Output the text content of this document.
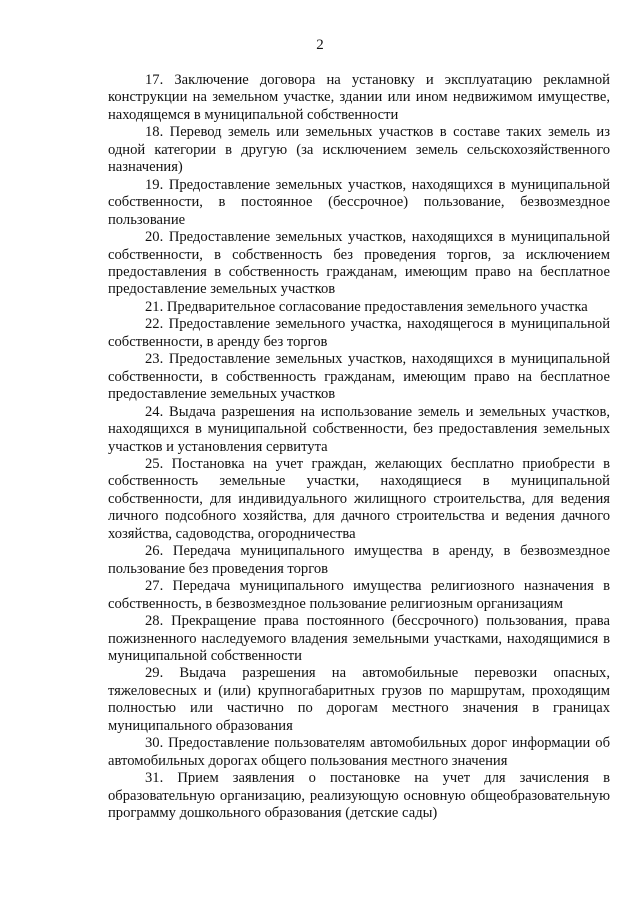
2

17. Заключение договора на установку и эксплуатацию рекламной конструкции на земельном участке, здании или ином недвижимом имуществе, находящемся в муниципальной собственности

18. Перевод земель или земельных участков в составе таких земель из одной категории в другую (за исключением земель сельскохозяйственного назначения)

19. Предоставление земельных участков, находящихся в муниципальной собственности, в постоянное (бессрочное) пользование, безвозмездное пользование

20. Предоставление земельных участков, находящихся в муниципальной собственности, в собственность без проведения торгов, за исключением предоставления в собственность гражданам, имеющим право на бесплатное предоставление земельных участков

21. Предварительное согласование предоставления земельного участка

22. Предоставление земельного участка, находящегося в муниципальной собственности, в аренду без торгов

23. Предоставление земельных участков, находящихся в муниципальной собственности, в собственность гражданам, имеющим право на бесплатное предоставление земельных участков

24. Выдача разрешения на использование земель и земельных участков, находящихся в муниципальной собственности, без предоставления земельных участков и установления сервитута

25. Постановка на учет граждан, желающих бесплатно приобрести в собственность земельные участки, находящиеся в муниципальной собственности, для индивидуального жилищного строительства, для ведения личного подсобного хозяйства, для дачного строительства и ведения дачного хозяйства, садоводства, огородничества

26. Передача муниципального имущества в аренду, в безвозмездное пользование без проведения торгов

27. Передача муниципального имущества религиозного назначения в собственность, в безвозмездное пользование религиозным организациям

28. Прекращение права постоянного (бессрочного) пользования, права пожизненного наследуемого владения земельными участками, находящимися в муниципальной собственности

29. Выдача разрешения на автомобильные перевозки опасных, тяжеловесных и (или) крупногабаритных грузов по маршрутам, проходящим полностью или частично по дорогам местного значения в границах муниципального образования

30. Предоставление пользователям автомобильных дорог информации об автомобильных дорогах общего пользования местного значения

31. Прием заявления о постановке на учет для зачисления в образовательную организацию, реализующую основную общеобразовательную программу дошкольного образования (детские сады)
